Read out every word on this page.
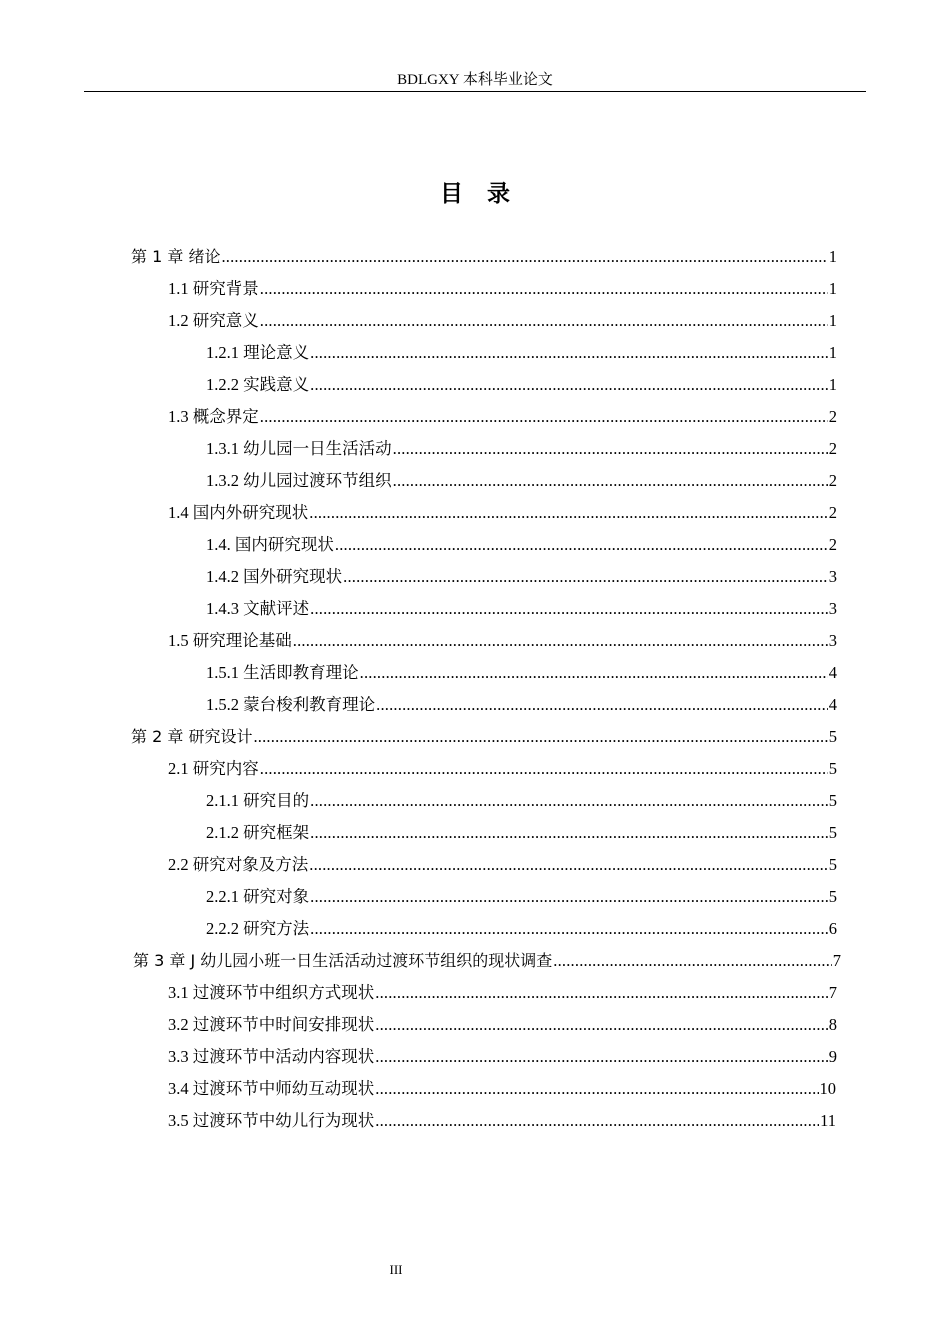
BDLGXY 本科毕业论文
目录
第 1 章 绪论 .....	1
1.1 研究背景 .....	1
1.2 研究意义 .....	1
1.2.1 理论意义 .....	1
1.2.2 实践意义 .....	1
1.3 概念界定 .....	2
1.3.1 幼儿园一日生活活动 .....	2
1.3.2 幼儿园过渡环节组织 .....	2
1.4 国内外研究现状 .....	2
1.4. 国内研究现状 .....	2
1.4.2 国外研究现状 .....	3
1.4.3 文献评述 .....	3
1.5 研究理论基础 .....	3
1.5.1 生活即教育理论 .....	4
1.5.2 蒙台梭利教育理论 .....	4
第 2 章 研究设计 .....	5
2.1 研究内容 .....	5
2.1.1 研究目的 .....	5
2.1.2 研究框架 .....	5
2.2 研究对象及方法 .....	5
2.2.1 研究对象 .....	5
2.2.2 研究方法 .....	6
第 3 章 J 幼儿园小班一日生活活动过渡环节组织的现状调查 .....	7
3.1 过渡环节中组织方式现状 .....	7
3.2 过渡环节中时间安排现状 .....	8
3.3 过渡环节中活动内容现状 .....	9
3.4 过渡环节中师幼互动现状 .....	10
3.5 过渡环节中幼儿行为现状 .....	11
III
